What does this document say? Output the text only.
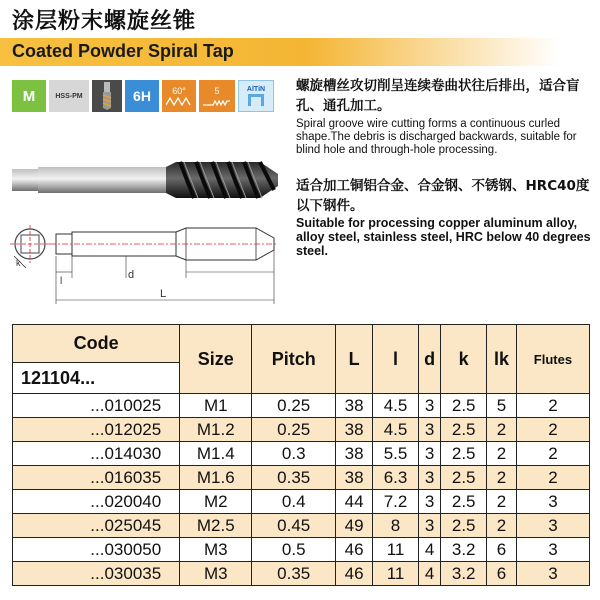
涂层粉末螺旋丝锥
Coated Powder Spiral Tap
M	HSS-PM	6H	60°	5	AlTiN 螺旋槽丝攻切削呈连续卷曲状往后排出，适合盲孔、通孔加工。
Spiral groove wire cutting forms a continuous curled shape.The debris is discharged backwards, suitable for blind hole and through-hole processing.
适合加工铜铝合金、合金钢、不锈钢、HRC40度以下钢件。
Suitable for processing copper aluminum alloy, alloy steel, stainless steel, HRC below 40 degrees steel.
k
l
d
L
Code	Size	Pitch	L	l	d	k	lk	Flutes
121104...								
...010025	M1	0.25	38	4.5	3	2.5	5	2
...012025	M1.2	0.25	38	4.5	3	2.5	2	2
...014030	M1.4	0.3	38	5.5	3	2.5	2	2
...016035	M1.6	0.35	38	6.3	3	2.5	2	2
...020040	M2	0.4	44	7.2	3	2.5	2	3
...025045	M2.5	0.45	49	8	3	2.5	2	3
...030050	M3	0.5	46	11	4	3.2	6	3
...030035	M3	0.35	46	11	4	3.2	6	3
